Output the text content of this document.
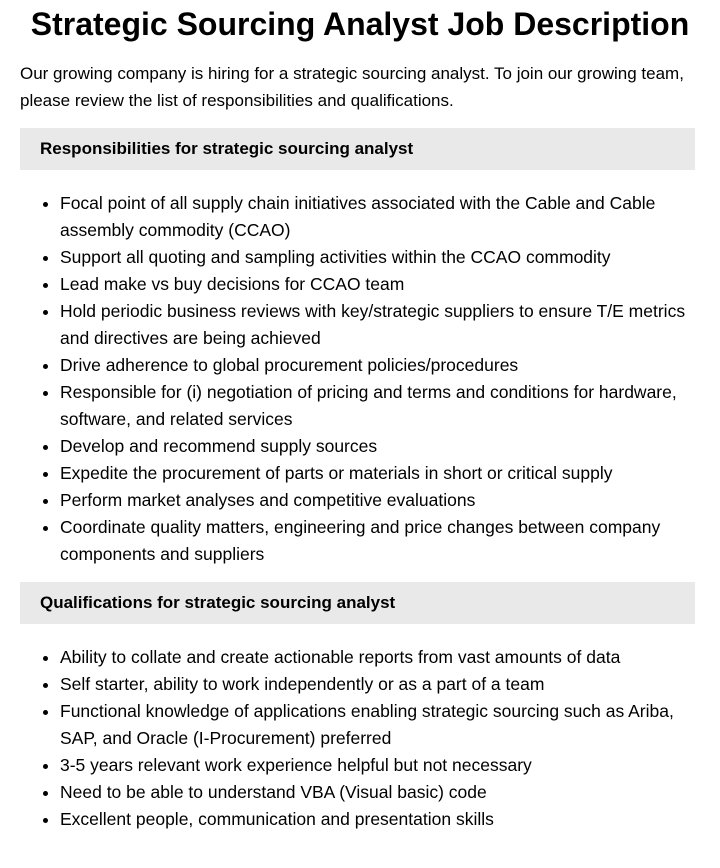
Strategic Sourcing Analyst Job Description

Our growing company is hiring for a strategic sourcing analyst. To join our growing team, please review the list of responsibilities and qualifications.

Responsibilities for strategic sourcing analyst
• Focal point of all supply chain initiatives associated with the Cable and Cable assembly commodity (CCAO)
• Support all quoting and sampling activities within the CCAO commodity
• Lead make vs buy decisions for CCAO team
• Hold periodic business reviews with key/strategic suppliers to ensure T/E metrics and directives are being achieved
• Drive adherence to global procurement policies/procedures
• Responsible for (i) negotiation of pricing and terms and conditions for hardware, software, and related services
• Develop and recommend supply sources
• Expedite the procurement of parts or materials in short or critical supply
• Perform market analyses and competitive evaluations
• Coordinate quality matters, engineering and price changes between company components and suppliers
Qualifications for strategic sourcing analyst
• Ability to collate and create actionable reports from vast amounts of data
• Self starter, ability to work independently or as a part of a team
• Functional knowledge of applications enabling strategic sourcing such as Ariba, SAP, and Oracle (I-Procurement) preferred
• 3-5 years relevant work experience helpful but not necessary
• Need to be able to understand VBA (Visual basic) code
• Excellent people, communication and presentation skills
